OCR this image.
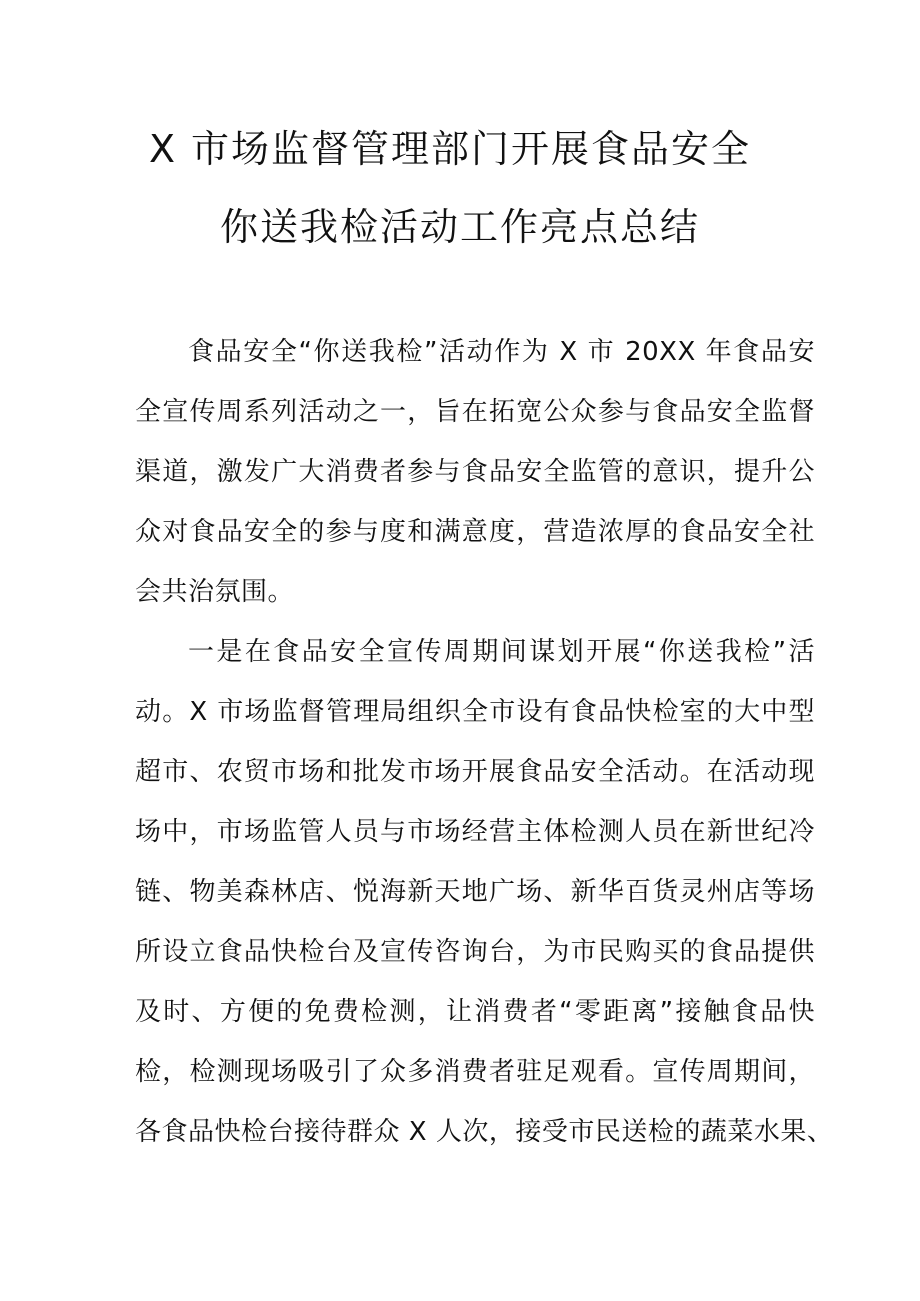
X 市场监督管理部门开展食品安全
你送我检活动工作亮点总结

食品安全“你送我检”活动作为 X 市 20XX 年食品安

全宣传周系列活动之一，旨在拓宽公众参与食品安全监督

渠道，激发广大消费者参与食品安全监管的意识，提升公

众对食品安全的参与度和满意度，营造浓厚的食品安全社

会共治氛围。

一是在食品安全宣传周期间谋划开展“你送我检”活

动。X 市场监督管理局组织全市设有食品快检室的大中型

超市、农贸市场和批发市场开展食品安全活动。在活动现

场中，市场监管人员与市场经营主体检测人员在新世纪冷

链、物美森林店、悦海新天地广场、新华百货灵州店等场

所设立食品快检台及宣传咨询台，为市民购买的食品提供

及时、方便的免费检测，让消费者“零距离”接触食品快

检，检测现场吸引了众多消费者驻足观看。宣传周期间，

各食品快检台接待群众 X 人次，接受市民送检的蔬菜水果、
